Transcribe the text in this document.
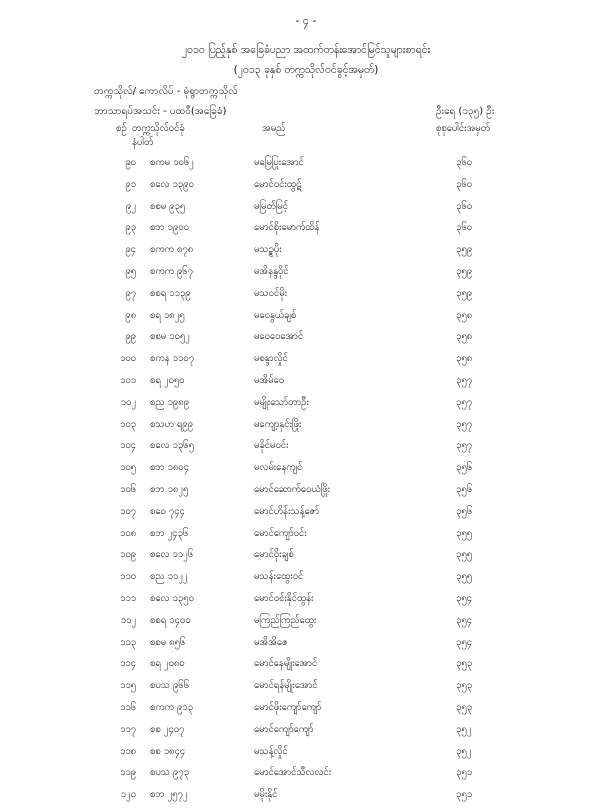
- ၄ -
၂၀၁၀ ပြည့်နှစ် အခြေခံပညာ အထက်တန်းအောင်မြင်သူများစာရင်း
(၂၀၁၃ ခုနှစ် တက္ကသိုလ်ဝင်ခွင့်အမှတ်)
တက္ကသိုလ်/ ကောလိပ် - မုံရွာတက္ကသိုလ်
ဘာသာရပ်အသင်း - ပထဝီ(အခြေခံ)	ဦးရေ (၁၃၅) ဦး
စဉ် တက္ကသိုလ်ဝင်ခုံ
နံပါတ်
အမည်	စုစုပေါင်းအမှတ်
၉၀ စကမ ၁၀၆၂	မမြေပြုးအောင်	၃၆၀
၉၁ စလေ ၁၃၉၀	မောင်ဝင်းထွဋ်	၃၆၀
၉၂ စစမ ၉၃၅	မမြတ်မြင့်	၃၆၀
၉၃ စဘ ၁၉၀၀	မောင်စိုးမောက်ထိန်	၃၆၀
၉၄ စကက ၈၇၈	မသဥ္စပိုး	၃၅၉
၉၅ စကက ၉၆၇	မအိနန္ဒဝိုင်	၃၅၉
၉၇ စစရ ၁၁၃၉	မသဝင်မိုး	၃၅၉
၉၈ စရ ၁၈၂၅	မဝေနွယ်ချစ်	၃၅၈
၉၉ စစမ ၁၀၅၂	မဝေဝေအောင်	၃၅၈
၁၀၀ စကန ၁၁၀၇	မစန္ဒာလှိုင်	၃၅၈
၁၀၁ စရ ၂၀၅၀	မအိမ်ဝေ	၃၅၇
၁၀၂ စည ၁၉၈၉	မမျိုးသော်တာဦး	၃၅၇
၁၀၃ စသဟ ရ၉၉	မကျော့နှင်းဖြိုး	၃၅၇
၁၀၄ စလေ ၁၃၆၅	မခိုင်မဝင်း	၃၅၇
၁၀၅ စဘ ၁၈၀၄	မလမ်းနေကျင်	၃၅၆
၁၀၆ စဘ ၁၈၂၅	မောင်ဆောက်ဝေယံဖြိုး	၃၅၆
၁၀၇ စဝေ ၇၄၄	မောင်ဟိန်းသန့်ဇော်	၃၅၆
၁၀၈ စဘ ၂၄၃၆	မောင်ကျော်ဝင်း	၃၅၅
၁၀၉ စလေ ၁၁၂၆	မောင်ဝိုးချစ်	၃၅၅
၁၁၀ စည ၁၁၂၂	မသန်းထွေးဝင်	၃၅၅
၁၁၁ စလေ ၁၃၅၀	မောင်ဝင်းနိုင်ထွန်း	၃၅၄
၁၁၂ စစရ ၁၄၀၀	မကြည်ကြည်ထွေး	၃၅၄
၁၁၃ စစမ ၈၅၆	မအိအိဇေ	၃၅၄
၁၁၄ စရ ၂၀၈၀	မောင်နေမျိုးအောင်	၃၅၃
၁၁၅ စပသ ၉၆၆	မောင်ရန်မျိုးအောင်	၃၅၃
၁၁၆ စကက ၉၁၃	မောင်ဖိုးကျော်ကျော်	၃၅၃
၁၁၇ စစ ၂၄၀၇	မောင်ကျော်ကျော်	၃၅၂
၁၁၈ စစ ၁၈၄၄	မသန့်လှိုင်	၃၅၂
၁၁၉ စပသ ၉၇၃	မောင်အောင်သီလလင်း	၃၅၁
၁၂၀ စဘ ၂၅၇၂	မမိုးနိုင်	၃၅၁
